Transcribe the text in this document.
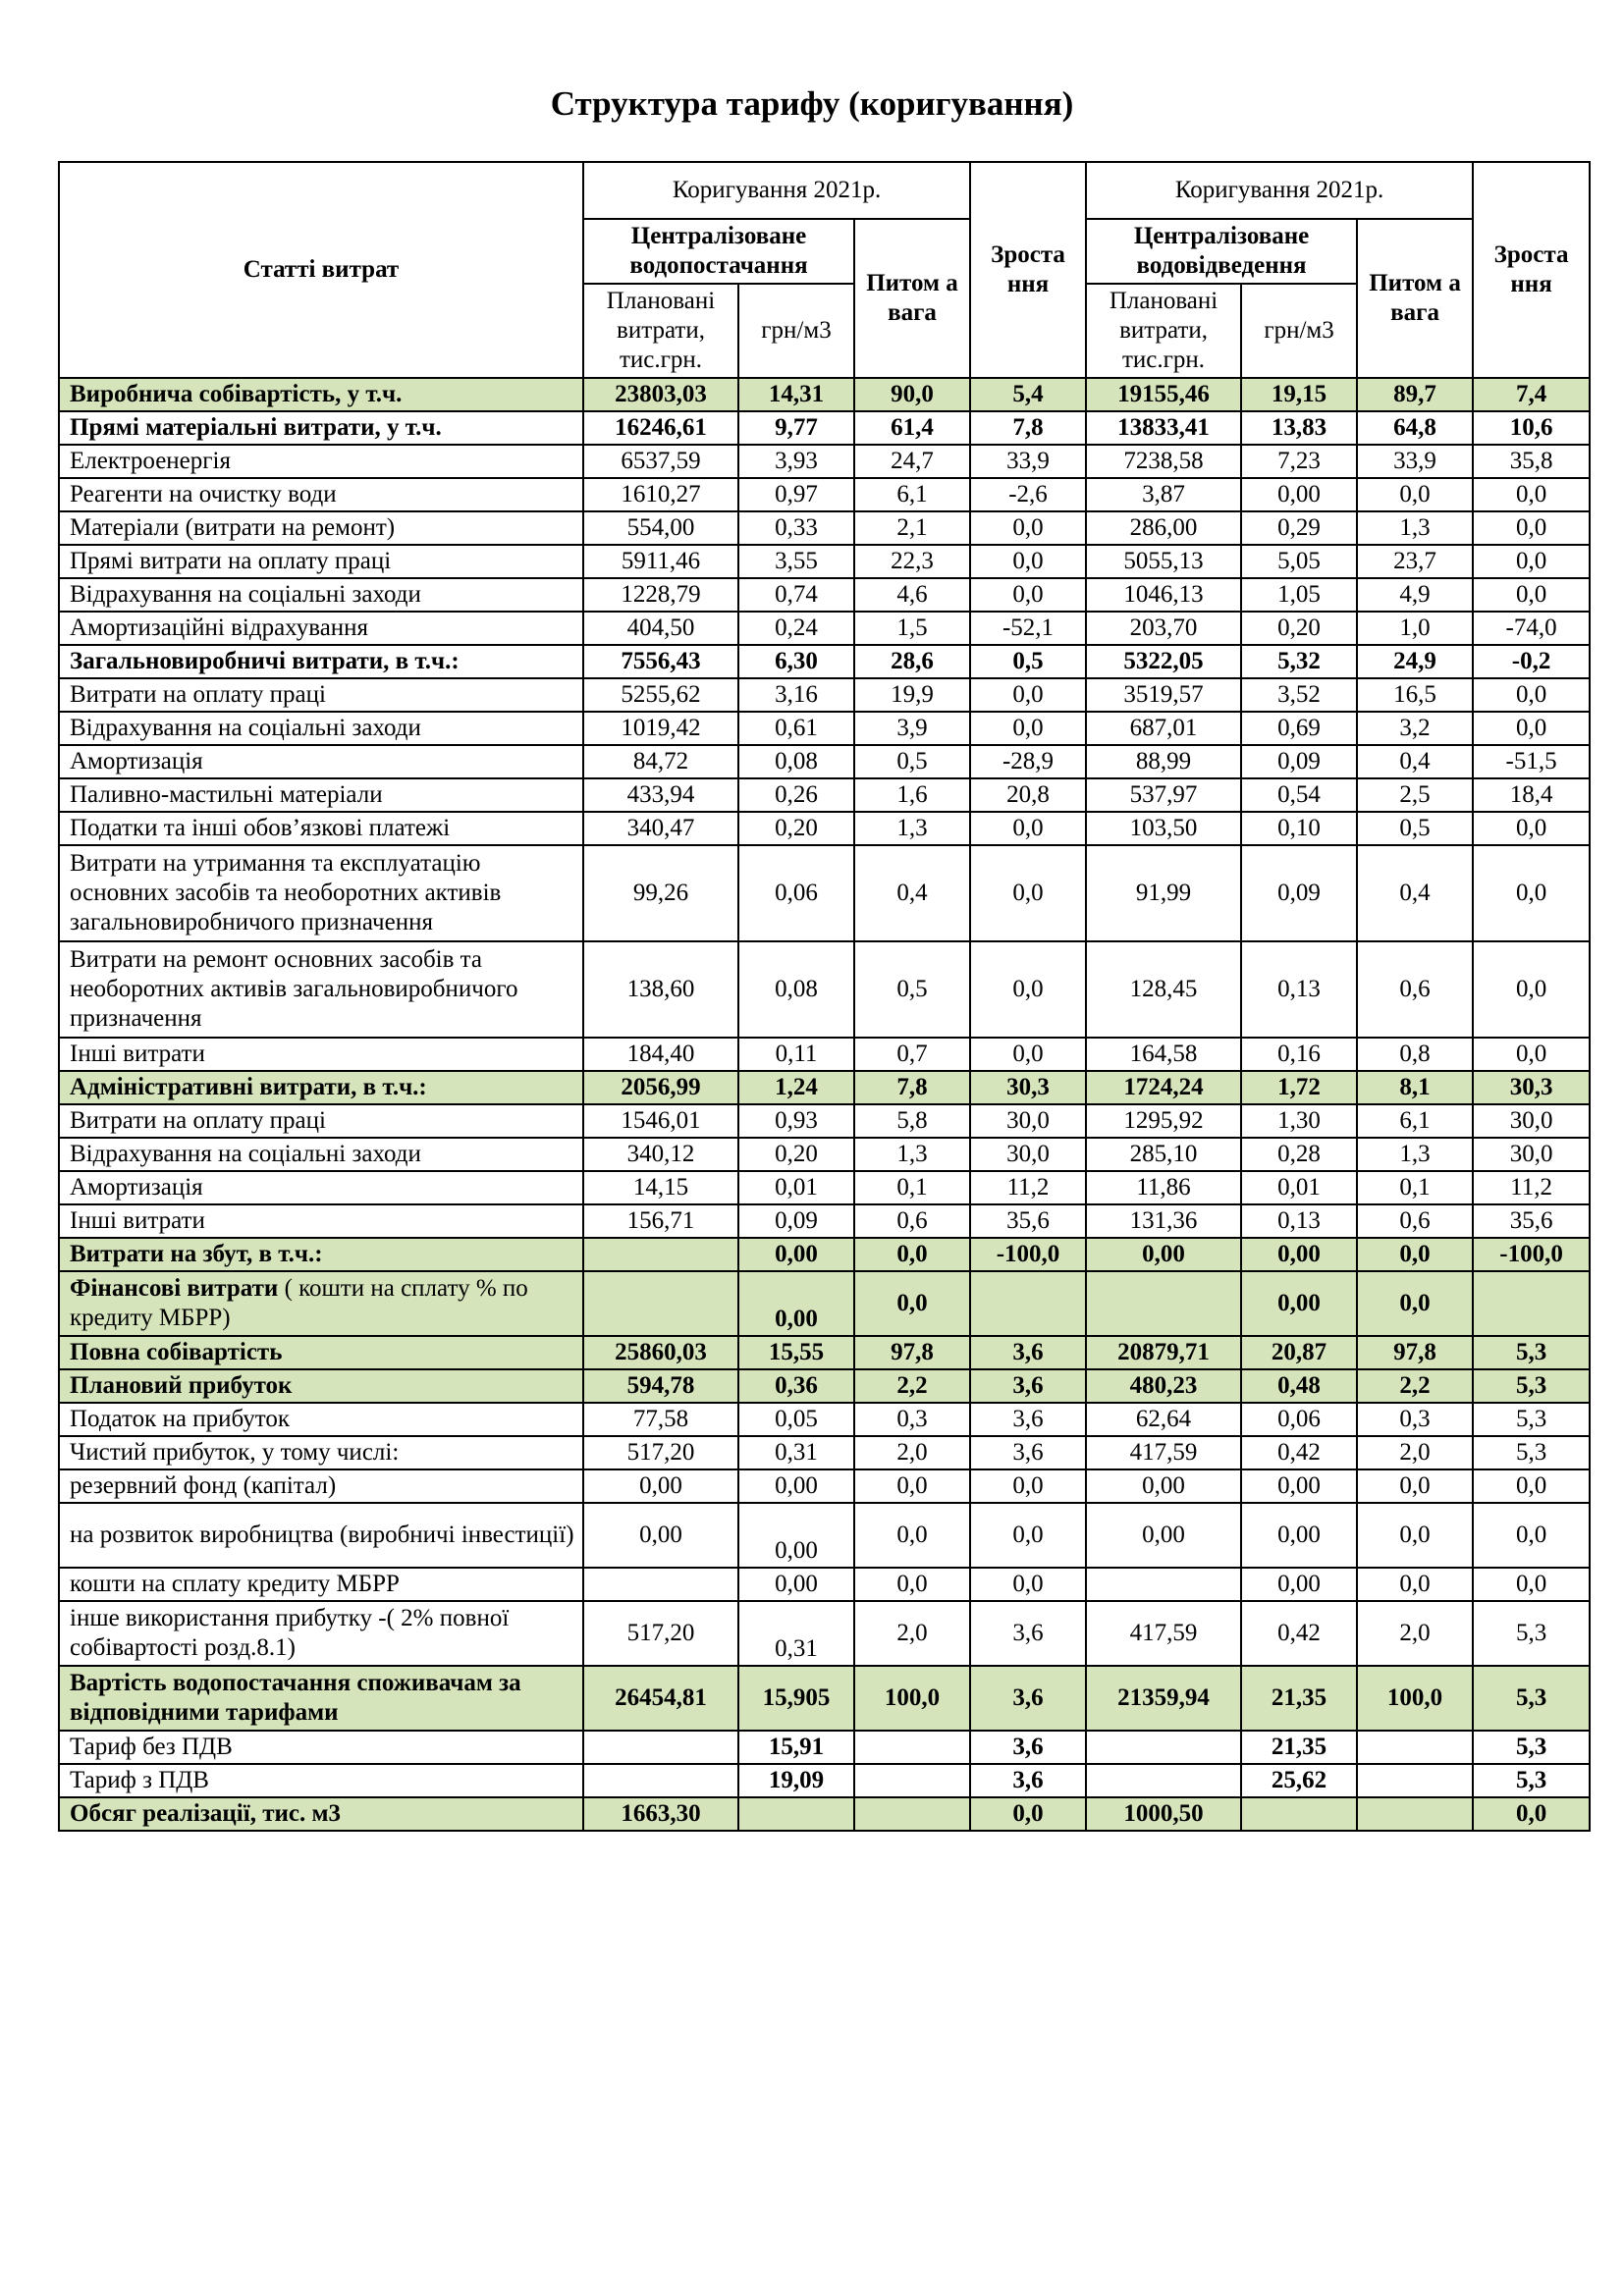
Структура тарифу (коригування)
Статті витрат	Коригування 2021р.			Зроста ння	Коригування 2021р.			Зроста ння
	Централізоване водопостачання		Питом а вага		Централізоване водовідведення		Питом а вага	
	Плановані витрати, тис.грн.	грн/м3			Плановані витрати, тис.грн.	грн/м3		
Виробнича собівартість, у т.ч.	23803,03	14,31	90,0	5,4	19155,46	19,15	89,7	7,4
Прямі матеріальні витрати, у т.ч.	16246,61	9,77	61,4	7,8	13833,41	13,83	64,8	10,6
Електроенергія	6537,59	3,93	24,7	33,9	7238,58	7,23	33,9	35,8
Реагенти на очистку води	1610,27	0,97	6,1	-2,6	3,87	0,00	0,0	0,0
Матеріали (витрати на ремонт)	554,00	0,33	2,1	0,0	286,00	0,29	1,3	0,0
Прямі витрати на оплату праці	5911,46	3,55	22,3	0,0	5055,13	5,05	23,7	0,0
Відрахування на соціальні заходи	1228,79	0,74	4,6	0,0	1046,13	1,05	4,9	0,0
Амортизаційні відрахування	404,50	0,24	1,5	-52,1	203,70	0,20	1,0	-74,0
Загальновиробничі витрати, в т.ч.:	7556,43	6,30	28,6	0,5	5322,05	5,32	24,9	-0,2
Витрати на оплату праці	5255,62	3,16	19,9	0,0	3519,57	3,52	16,5	0,0
Відрахування на соціальні заходи	1019,42	0,61	3,9	0,0	687,01	0,69	3,2	0,0
Амортизація	84,72	0,08	0,5	-28,9	88,99	0,09	0,4	-51,5
Паливно-мастильні матеріали	433,94	0,26	1,6	20,8	537,97	0,54	2,5	18,4
Податки та інші обов’язкові платежі	340,47	0,20	1,3	0,0	103,50	0,10	0,5	0,0
Витрати на утримання та експлуатацію основних засобів та необоротних активів загальновиробничого призначення	99,26	0,06	0,4	0,0	91,99	0,09	0,4	0,0
Витрати на ремонт основних засобів та необоротних активів загальновиробничого призначення	138,60	0,08	0,5	0,0	128,45	0,13	0,6	0,0
Інші витрати	184,40	0,11	0,7	0,0	164,58	0,16	0,8	0,0
Адміністративні витрати, в т.ч.:	2056,99	1,24	7,8	30,3	1724,24	1,72	8,1	30,3
Витрати на оплату праці	1546,01	0,93	5,8	30,0	1295,92	1,30	6,1	30,0
Відрахування на соціальні заходи	340,12	0,20	1,3	30,0	285,10	0,28	1,3	30,0
Амортизація	14,15	0,01	0,1	11,2	11,86	0,01	0,1	11,2
Інші витрати	156,71	0,09	0,6	35,6	131,36	0,13	0,6	35,6
Витрати на збут, в т.ч.:		0,00	0,0	-100,0	0,00	0,00	0,0	-100,0
Фінансові витрати ( кошти на сплату % по кредиту МБРР)		0,00	0,0			0,00	0,0	
Повна собівартість	25860,03	15,55	97,8	3,6	20879,71	20,87	97,8	5,3
Плановий прибуток	594,78	0,36	2,2	3,6	480,23	0,48	2,2	5,3
Податок на прибуток	77,58	0,05	0,3	3,6	62,64	0,06	0,3	5,3
Чистий прибуток, у тому числі:	517,20	0,31	2,0	3,6	417,59	0,42	2,0	5,3
резервний фонд (капітал)	0,00	0,00	0,0	0,0	0,00	0,00	0,0	0,0
на розвиток виробництва (виробничі інвестиції)	0,00	0,00	0,0	0,0	0,00	0,00	0,0	0,0
кошти на сплату кредиту МБРР		0,00	0,0	0,0		0,00	0,0	0,0
інше використання прибутку -( 2% повної собівартості розд.8.1)	517,20	0,31	2,0	3,6	417,59	0,42	2,0	5,3
Вартість водопостачання споживачам за відповідними тарифами	26454,81	15,905	100,0	3,6	21359,94	21,35	100,0	5,3
Тариф без ПДВ		15,91		3,6		21,35		5,3
Тариф з ПДВ		19,09		3,6		25,62		5,3
Обсяг реалізації, тис. м3	1663,30			0,0	1000,50			0,0
